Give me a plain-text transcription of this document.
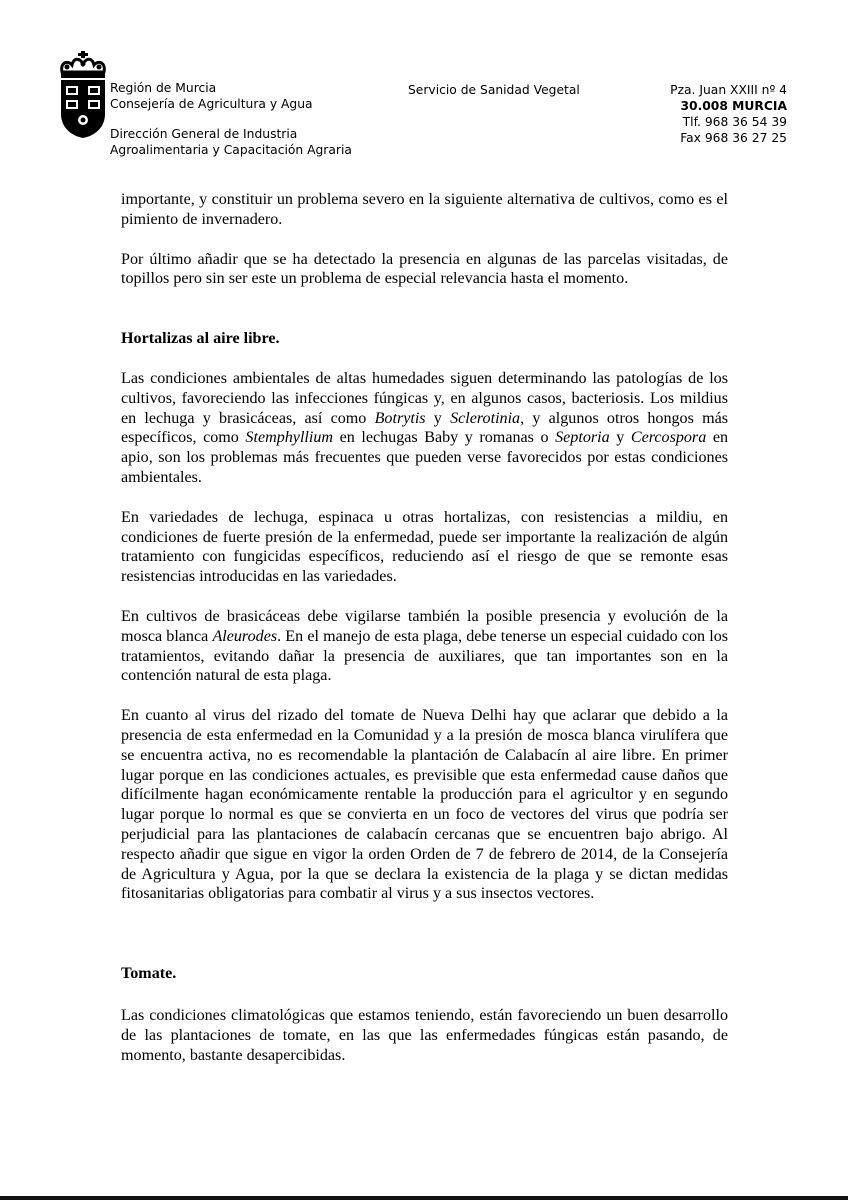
Región de Murcia
Consejería de Agricultura y Agua
Dirección General de Industria
Agroalimentaria y Capacitación Agraria
Servicio de Sanidad Vegetal	Pza. Juan XXIII nº 4
30.008 MURCIA
Tlf. 968 36 54 39
Fax 968 36 27 25

importante, y constituir un problema severo en la siguiente alternativa de cultivos, como es el pimiento de invernadero.

Por último añadir que se ha detectado la presencia en algunas de las parcelas visitadas, de topillos pero sin ser este un problema de especial relevancia hasta el momento.

Hortalizas al aire libre.

Las condiciones ambientales de altas humedades siguen determinando las patologías de los cultivos, favoreciendo las infecciones fúngicas y, en algunos casos, bacteriosis. Los mildius en lechuga y brasicáceas, así como Botrytis y Sclerotinia, y algunos otros hongos más específicos, como Stemphyllium en lechugas Baby y romanas o Septoria y Cercospora en apio, son los problemas más frecuentes que pueden verse favorecidos por estas condiciones ambientales.

En variedades de lechuga, espinaca u otras hortalizas, con resistencias a mildiu, en condiciones de fuerte presión de la enfermedad, puede ser importante la realización de algún tratamiento con fungicidas específicos, reduciendo así el riesgo de que se remonte esas resistencias introducidas en las variedades.

En cultivos de brasicáceas debe vigilarse también la posible presencia y evolución de la mosca blanca Aleurodes. En el manejo de esta plaga, debe tenerse un especial cuidado con los tratamientos, evitando dañar la presencia de auxiliares, que tan importantes son en la contención natural de esta plaga.

En cuanto al virus del rizado del tomate de Nueva Delhi hay que aclarar que debido a la presencia de esta enfermedad en la Comunidad y a la presión de mosca blanca virulífera que se encuentra activa, no es recomendable la plantación de Calabacín al aire libre. En primer lugar porque en las condiciones actuales, es previsible que esta enfermedad cause daños que difícilmente hagan económicamente rentable la producción para el agricultor y en segundo lugar porque lo normal es que se convierta en un foco de vectores del virus que podría ser perjudicial para las plantaciones de calabacín cercanas que se encuentren bajo abrigo. Al respecto añadir que sigue en vigor la orden Orden de 7 de febrero de 2014, de la Consejería de Agricultura y Agua, por la que se declara la existencia de la plaga y se dictan medidas fitosanitarias obligatorias para combatir al virus y a sus insectos vectores.

Tomate.

Las condiciones climatológicas que estamos teniendo, están favoreciendo un buen desarrollo de las plantaciones de tomate, en las que las enfermedades fúngicas están pasando, de momento, bastante desapercibidas.
